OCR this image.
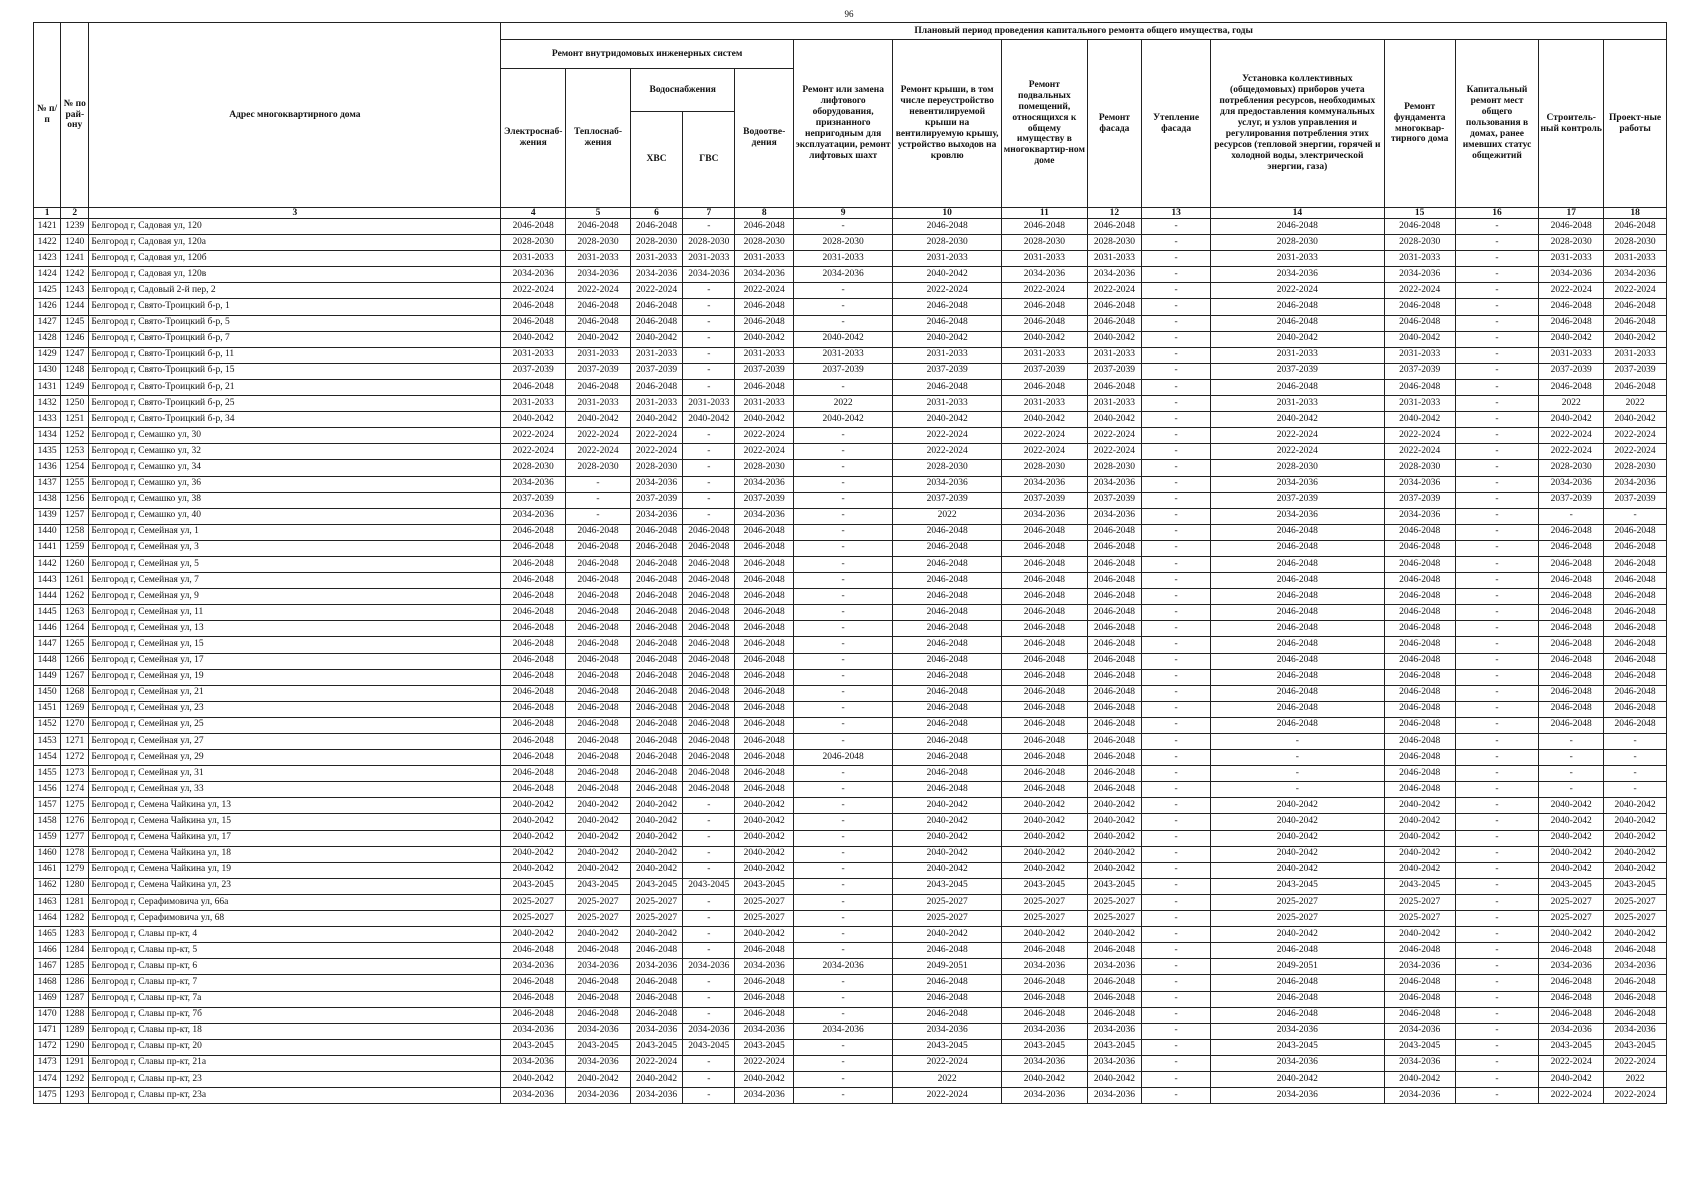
96
№ п/п	№ по рай-ону	Адрес многоквартирного дома	Плановый период проведения капитального ремонта общего имущества, годы														
			Ремонт внутридомовых инженерных систем					Ремонт или замена лифтового оборудования, признанного непригодным для эксплуатации, ремонт лифтовых шахт	Ремонт крыши, в том числе переустройство невентилируемой крыши на вентилируемую крышу, устройство выходов на кровлю	Ремонт подвальных помещений, относящихся к общему имуществу в многоквартир-ном доме	Ремонт фасада	Утепление фасада	Установка коллективных (общедомовых) приборов учета потребления ресурсов, необходимых для предоставления коммунальных услуг, и узлов управления и регулирования потребления этих ресурсов (тепловой энергии, горячей и холодной воды, электрической энергии, газа)	Ремонт фундамента многоквар-тирного дома	Капитальный ремонт мест общего пользования в домах, ранее имевших статус общежитий	Строитель-ный контроль	Проект-ные работы
			Электроснаб-жения	Теплоснаб-жения	Водоснабжения		Водоотве-дения										
					ХВС	ГВС											
1	2	3	4	5	6	7	8	9	10	11	12	13	14	15	16	17	18
1421	1239	Белгород г, Садовая ул, 120	2046-2048	2046-2048	2046-2048	-	2046-2048	-	2046-2048	2046-2048	2046-2048	-	2046-2048	2046-2048	-	2046-2048	2046-2048
1422	1240	Белгород г, Садовая ул, 120а	2028-2030	2028-2030	2028-2030	2028-2030	2028-2030	2028-2030	2028-2030	2028-2030	2028-2030	-	2028-2030	2028-2030	-	2028-2030	2028-2030
1423	1241	Белгород г, Садовая ул, 120б	2031-2033	2031-2033	2031-2033	2031-2033	2031-2033	2031-2033	2031-2033	2031-2033	2031-2033	-	2031-2033	2031-2033	-	2031-2033	2031-2033
1424	1242	Белгород г, Садовая ул, 120в	2034-2036	2034-2036	2034-2036	2034-2036	2034-2036	2034-2036	2040-2042	2034-2036	2034-2036	-	2034-2036	2034-2036	-	2034-2036	2034-2036
1425	1243	Белгород г, Садовый 2-й пер, 2	2022-2024	2022-2024	2022-2024	-	2022-2024	-	2022-2024	2022-2024	2022-2024	-	2022-2024	2022-2024	-	2022-2024	2022-2024
1426	1244	Белгород г, Свято-Троицкий б-р, 1	2046-2048	2046-2048	2046-2048	-	2046-2048	-	2046-2048	2046-2048	2046-2048	-	2046-2048	2046-2048	-	2046-2048	2046-2048
1427	1245	Белгород г, Свято-Троицкий б-р, 5	2046-2048	2046-2048	2046-2048	-	2046-2048	-	2046-2048	2046-2048	2046-2048	-	2046-2048	2046-2048	-	2046-2048	2046-2048
1428	1246	Белгород г, Свято-Троицкий б-р, 7	2040-2042	2040-2042	2040-2042	-	2040-2042	2040-2042	2040-2042	2040-2042	2040-2042	-	2040-2042	2040-2042	-	2040-2042	2040-2042
1429	1247	Белгород г, Свято-Троицкий б-р, 11	2031-2033	2031-2033	2031-2033	-	2031-2033	2031-2033	2031-2033	2031-2033	2031-2033	-	2031-2033	2031-2033	-	2031-2033	2031-2033
1430	1248	Белгород г, Свято-Троицкий б-р, 15	2037-2039	2037-2039	2037-2039	-	2037-2039	2037-2039	2037-2039	2037-2039	2037-2039	-	2037-2039	2037-2039	-	2037-2039	2037-2039
1431	1249	Белгород г, Свято-Троицкий б-р, 21	2046-2048	2046-2048	2046-2048	-	2046-2048	-	2046-2048	2046-2048	2046-2048	-	2046-2048	2046-2048	-	2046-2048	2046-2048
1432	1250	Белгород г, Свято-Троицкий б-р, 25	2031-2033	2031-2033	2031-2033	2031-2033	2031-2033	2022	2031-2033	2031-2033	2031-2033	-	2031-2033	2031-2033	-	2022	2022
1433	1251	Белгород г, Свято-Троицкий б-р, 34	2040-2042	2040-2042	2040-2042	2040-2042	2040-2042	2040-2042	2040-2042	2040-2042	2040-2042	-	2040-2042	2040-2042	-	2040-2042	2040-2042
1434	1252	Белгород г, Семашко ул, 30	2022-2024	2022-2024	2022-2024	-	2022-2024	-	2022-2024	2022-2024	2022-2024	-	2022-2024	2022-2024	-	2022-2024	2022-2024
1435	1253	Белгород г, Семашко ул, 32	2022-2024	2022-2024	2022-2024	-	2022-2024	-	2022-2024	2022-2024	2022-2024	-	2022-2024	2022-2024	-	2022-2024	2022-2024
1436	1254	Белгород г, Семашко ул, 34	2028-2030	2028-2030	2028-2030	-	2028-2030	-	2028-2030	2028-2030	2028-2030	-	2028-2030	2028-2030	-	2028-2030	2028-2030
1437	1255	Белгород г, Семашко ул, 36	2034-2036	-	2034-2036	-	2034-2036	-	2034-2036	2034-2036	2034-2036	-	2034-2036	2034-2036	-	2034-2036	2034-2036
1438	1256	Белгород г, Семашко ул, 38	2037-2039	-	2037-2039	-	2037-2039	-	2037-2039	2037-2039	2037-2039	-	2037-2039	2037-2039	-	2037-2039	2037-2039
1439	1257	Белгород г, Семашко ул, 40	2034-2036	-	2034-2036	-	2034-2036	-	2022	2034-2036	2034-2036	-	2034-2036	2034-2036	-	-	-
1440	1258	Белгород г, Семейная ул, 1	2046-2048	2046-2048	2046-2048	2046-2048	2046-2048	-	2046-2048	2046-2048	2046-2048	-	2046-2048	2046-2048	-	2046-2048	2046-2048
1441	1259	Белгород г, Семейная ул, 3	2046-2048	2046-2048	2046-2048	2046-2048	2046-2048	-	2046-2048	2046-2048	2046-2048	-	2046-2048	2046-2048	-	2046-2048	2046-2048
1442	1260	Белгород г, Семейная ул, 5	2046-2048	2046-2048	2046-2048	2046-2048	2046-2048	-	2046-2048	2046-2048	2046-2048	-	2046-2048	2046-2048	-	2046-2048	2046-2048
1443	1261	Белгород г, Семейная ул, 7	2046-2048	2046-2048	2046-2048	2046-2048	2046-2048	-	2046-2048	2046-2048	2046-2048	-	2046-2048	2046-2048	-	2046-2048	2046-2048
1444	1262	Белгород г, Семейная ул, 9	2046-2048	2046-2048	2046-2048	2046-2048	2046-2048	-	2046-2048	2046-2048	2046-2048	-	2046-2048	2046-2048	-	2046-2048	2046-2048
1445	1263	Белгород г, Семейная ул, 11	2046-2048	2046-2048	2046-2048	2046-2048	2046-2048	-	2046-2048	2046-2048	2046-2048	-	2046-2048	2046-2048	-	2046-2048	2046-2048
1446	1264	Белгород г, Семейная ул, 13	2046-2048	2046-2048	2046-2048	2046-2048	2046-2048	-	2046-2048	2046-2048	2046-2048	-	2046-2048	2046-2048	-	2046-2048	2046-2048
1447	1265	Белгород г, Семейная ул, 15	2046-2048	2046-2048	2046-2048	2046-2048	2046-2048	-	2046-2048	2046-2048	2046-2048	-	2046-2048	2046-2048	-	2046-2048	2046-2048
1448	1266	Белгород г, Семейная ул, 17	2046-2048	2046-2048	2046-2048	2046-2048	2046-2048	-	2046-2048	2046-2048	2046-2048	-	2046-2048	2046-2048	-	2046-2048	2046-2048
1449	1267	Белгород г, Семейная ул, 19	2046-2048	2046-2048	2046-2048	2046-2048	2046-2048	-	2046-2048	2046-2048	2046-2048	-	2046-2048	2046-2048	-	2046-2048	2046-2048
1450	1268	Белгород г, Семейная ул, 21	2046-2048	2046-2048	2046-2048	2046-2048	2046-2048	-	2046-2048	2046-2048	2046-2048	-	2046-2048	2046-2048	-	2046-2048	2046-2048
1451	1269	Белгород г, Семейная ул, 23	2046-2048	2046-2048	2046-2048	2046-2048	2046-2048	-	2046-2048	2046-2048	2046-2048	-	2046-2048	2046-2048	-	2046-2048	2046-2048
1452	1270	Белгород г, Семейная ул, 25	2046-2048	2046-2048	2046-2048	2046-2048	2046-2048	-	2046-2048	2046-2048	2046-2048	-	2046-2048	2046-2048	-	2046-2048	2046-2048
1453	1271	Белгород г, Семейная ул, 27	2046-2048	2046-2048	2046-2048	2046-2048	2046-2048	-	2046-2048	2046-2048	2046-2048	-	-	2046-2048	-	-	-
1454	1272	Белгород г, Семейная ул, 29	2046-2048	2046-2048	2046-2048	2046-2048	2046-2048	2046-2048	2046-2048	2046-2048	2046-2048	-	-	2046-2048	-	-	-
1455	1273	Белгород г, Семейная ул, 31	2046-2048	2046-2048	2046-2048	2046-2048	2046-2048	-	2046-2048	2046-2048	2046-2048	-	-	2046-2048	-	-	-
1456	1274	Белгород г, Семейная ул, 33	2046-2048	2046-2048	2046-2048	2046-2048	2046-2048	-	2046-2048	2046-2048	2046-2048	-	-	2046-2048	-	-	-
1457	1275	Белгород г, Семена Чайкина ул, 13	2040-2042	2040-2042	2040-2042	-	2040-2042	-	2040-2042	2040-2042	2040-2042	-	2040-2042	2040-2042	-	2040-2042	2040-2042
1458	1276	Белгород г, Семена Чайкина ул, 15	2040-2042	2040-2042	2040-2042	-	2040-2042	-	2040-2042	2040-2042	2040-2042	-	2040-2042	2040-2042	-	2040-2042	2040-2042
1459	1277	Белгород г, Семена Чайкина ул, 17	2040-2042	2040-2042	2040-2042	-	2040-2042	-	2040-2042	2040-2042	2040-2042	-	2040-2042	2040-2042	-	2040-2042	2040-2042
1460	1278	Белгород г, Семена Чайкина ул, 18	2040-2042	2040-2042	2040-2042	-	2040-2042	-	2040-2042	2040-2042	2040-2042	-	2040-2042	2040-2042	-	2040-2042	2040-2042
1461	1279	Белгород г, Семена Чайкина ул, 19	2040-2042	2040-2042	2040-2042	-	2040-2042	-	2040-2042	2040-2042	2040-2042	-	2040-2042	2040-2042	-	2040-2042	2040-2042
1462	1280	Белгород г, Семена Чайкина ул, 23	2043-2045	2043-2045	2043-2045	2043-2045	2043-2045	-	2043-2045	2043-2045	2043-2045	-	2043-2045	2043-2045	-	2043-2045	2043-2045
1463	1281	Белгород г, Серафимовича ул, 66а	2025-2027	2025-2027	2025-2027	-	2025-2027	-	2025-2027	2025-2027	2025-2027	-	2025-2027	2025-2027	-	2025-2027	2025-2027
1464	1282	Белгород г, Серафимовича ул, 68	2025-2027	2025-2027	2025-2027	-	2025-2027	-	2025-2027	2025-2027	2025-2027	-	2025-2027	2025-2027	-	2025-2027	2025-2027
1465	1283	Белгород г, Славы пр-кт, 4	2040-2042	2040-2042	2040-2042	-	2040-2042	-	2040-2042	2040-2042	2040-2042	-	2040-2042	2040-2042	-	2040-2042	2040-2042
1466	1284	Белгород г, Славы пр-кт, 5	2046-2048	2046-2048	2046-2048	-	2046-2048	-	2046-2048	2046-2048	2046-2048	-	2046-2048	2046-2048	-	2046-2048	2046-2048
1467	1285	Белгород г, Славы пр-кт, 6	2034-2036	2034-2036	2034-2036	2034-2036	2034-2036	2034-2036	2049-2051	2034-2036	2034-2036	-	2049-2051	2034-2036	-	2034-2036	2034-2036
1468	1286	Белгород г, Славы пр-кт, 7	2046-2048	2046-2048	2046-2048	-	2046-2048	-	2046-2048	2046-2048	2046-2048	-	2046-2048	2046-2048	-	2046-2048	2046-2048
1469	1287	Белгород г, Славы пр-кт, 7а	2046-2048	2046-2048	2046-2048	-	2046-2048	-	2046-2048	2046-2048	2046-2048	-	2046-2048	2046-2048	-	2046-2048	2046-2048
1470	1288	Белгород г, Славы пр-кт, 7б	2046-2048	2046-2048	2046-2048	-	2046-2048	-	2046-2048	2046-2048	2046-2048	-	2046-2048	2046-2048	-	2046-2048	2046-2048
1471	1289	Белгород г, Славы пр-кт, 18	2034-2036	2034-2036	2034-2036	2034-2036	2034-2036	2034-2036	2034-2036	2034-2036	2034-2036	-	2034-2036	2034-2036	-	2034-2036	2034-2036
1472	1290	Белгород г, Славы пр-кт, 20	2043-2045	2043-2045	2043-2045	2043-2045	2043-2045	-	2043-2045	2043-2045	2043-2045	-	2043-2045	2043-2045	-	2043-2045	2043-2045
1473	1291	Белгород г, Славы пр-кт, 21а	2034-2036	2034-2036	2022-2024	-	2022-2024	-	2022-2024	2034-2036	2034-2036	-	2034-2036	2034-2036	-	2022-2024	2022-2024
1474	1292	Белгород г, Славы пр-кт, 23	2040-2042	2040-2042	2040-2042	-	2040-2042	-	2022	2040-2042	2040-2042	-	2040-2042	2040-2042	-	2040-2042	2022
1475	1293	Белгород г, Славы пр-кт, 23а	2034-2036	2034-2036	2034-2036	-	2034-2036	-	2022-2024	2034-2036	2034-2036	-	2034-2036	2034-2036	-	2022-2024	2022-2024
